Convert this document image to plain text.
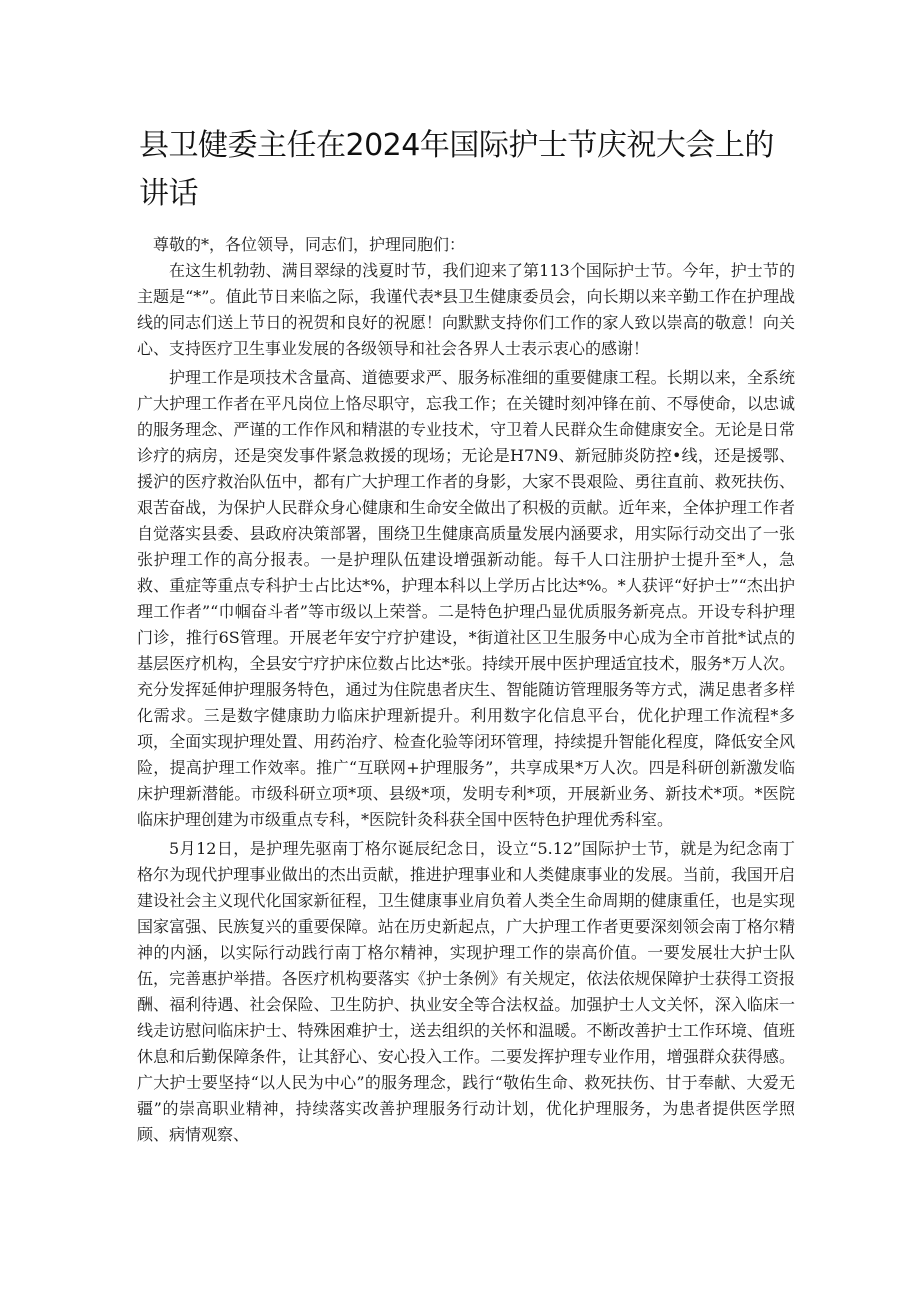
县卫健委主任在2024年国际护士节庆祝大会上的讲话

尊敬的*，各位领导，同志们，护理同胞们：

在这生机勃勃、满目翠绿的浅夏时节，我们迎来了第113个国际护士节。今年，护士节的主题是“*”。值此节日来临之际，我谨代表*县卫生健康委员会，向长期以来辛勤工作在护理战线的同志们送上节日的祝贺和良好的祝愿！向默默支持你们工作的家人致以崇高的敬意！向关心、支持医疗卫生事业发展的各级领导和社会各界人士表示衷心的感谢！

护理工作是项技术含量高、道德要求严、服务标准细的重要健康工程。长期以来，全系统广大护理工作者在平凡岗位上恪尽职守，忘我工作；在关键时刻冲锋在前、不辱使命，以忠诚的服务理念、严谨的工作作风和精湛的专业技术，守卫着人民群众生命健康安全。无论是日常诊疗的病房，还是突发事件紧急救援的现场；无论是H7N9、新冠肺炎防控•线，还是援鄂、援沪的医疗救治队伍中，都有广大护理工作者的身影，大家不畏艰险、勇往直前、救死扶伤、艰苦奋战，为保护人民群众身心健康和生命安全做出了积极的贡献。近年来，全体护理工作者自觉落实县委、县政府决策部署，围绕卫生健康高质量发展内涵要求，用实际行动交出了一张张护理工作的高分报表。一是护理队伍建设增强新动能。每千人口注册护士提升至*人，急救、重症等重点专科护士占比达*%，护理本科以上学历占比达*%。*人获评“好护士”“杰出护理工作者”“巾帼奋斗者”等市级以上荣誉。二是特色护理凸显优质服务新亮点。开设专科护理门诊，推行6S管理。开展老年安宁疗护建设，*街道社区卫生服务中心成为全市首批*试点的基层医疗机构，全县安宁疗护床位数占比达*张。持续开展中医护理适宜技术，服务*万人次。充分发挥延伸护理服务特色，通过为住院患者庆生、智能随访管理服务等方式，满足患者多样化需求。三是数字健康助力临床护理新提升。利用数字化信息平台，优化护理工作流程*多项，全面实现护理处置、用药治疗、检查化验等闭环管理，持续提升智能化程度，降低安全风险，提高护理工作效率。推广“互联网+护理服务”，共享成果*万人次。四是科研创新激发临床护理新潜能。市级科研立项*项、县级*项，发明专利*项，开展新业务、新技术*项。*医院临床护理创建为市级重点专科，*医院针灸科获全国中医特色护理优秀科室。

5月12日，是护理先驱南丁格尔诞辰纪念日，设立“5.12”国际护士节，就是为纪念南丁格尔为现代护理事业做出的杰出贡献，推进护理事业和人类健康事业的发展。当前，我国开启建设社会主义现代化国家新征程，卫生健康事业肩负着人类全生命周期的健康重任，也是实现国家富强、民族复兴的重要保障。站在历史新起点，广大护理工作者更要深刻领会南丁格尔精神的内涵，以实际行动践行南丁格尔精神，实现护理工作的崇高价值。一要发展壮大护士队伍，完善惠护举措。各医疗机构要落实《护士条例》有关规定，依法依规保障护士获得工资报酬、福利待遇、社会保险、卫生防护、执业安全等合法权益。加强护士人文关怀，深入临床一线走访慰问临床护士、特殊困难护士，送去组织的关怀和温暖。不断改善护士工作环境、值班休息和后勤保障条件，让其舒心、安心投入工作。二要发挥护理专业作用，增强群众获得感。广大护士要坚持“以人民为中心”的服务理念，践行“敬佑生命、救死扶伤、甘于奉献、大爱无疆”的崇高职业精神，持续落实改善护理服务行动计划，优化护理服务，为患者提供医学照顾、病情观察、
